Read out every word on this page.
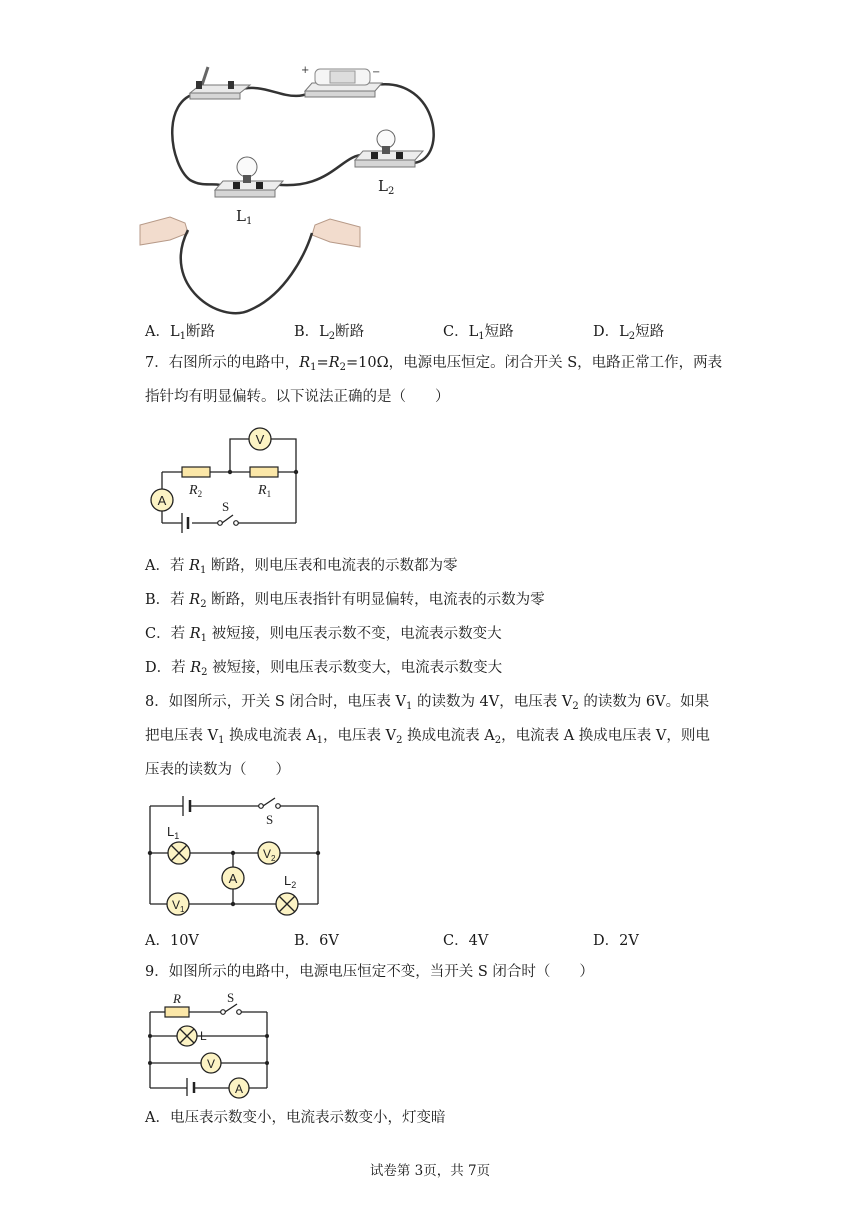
+	−
$L_1$
$L_2$
A．$L_1$断路	B．$L_2$断路	C．$L_1$短路	D．$L_2$短路
7．右图所示的电路中，$R_1=R_2=10\Omega$，电源电压恒定。闭合开关 S，电路正常工作，两表
指针均有明显偏转。以下说法正确的是（　　）
V
A
$R_2$	$R_1$
S
A．若 $R_1$ 断路，则电压表和电流表的示数都为零
B．若 $R_2$ 断路，则电压表指针有明显偏转，电流表的示数为零
C．若 $R_1$ 被短接，则电压表示数不变，电流表示数变大
D．若 $R_2$ 被短接，则电压表示数变大，电流表示数变大
8．如图所示，开关 S 闭合时，电压表 $V_1$ 的读数为 4V，电压表 $V_2$ 的读数为 6V。如果
把电压表 $V_1$ 换成电流表 $A_1$，电压表 $V_2$ 换成电流表 $A_2$，电流表 A 换成电压表 V，则电
压表的读数为（　　）
S
$L_1$
$V_2$
A	$L_2$
$V_1$
A．10V	B．6V	C．4V	D．2V
9．如图所示的电路中，电源电压恒定不变，当开关 S 闭合时（　　）
R	S
L
V
A
A．电压表示数变小，电流表示数变小，灯变暗
试卷第 3页，共 7页
